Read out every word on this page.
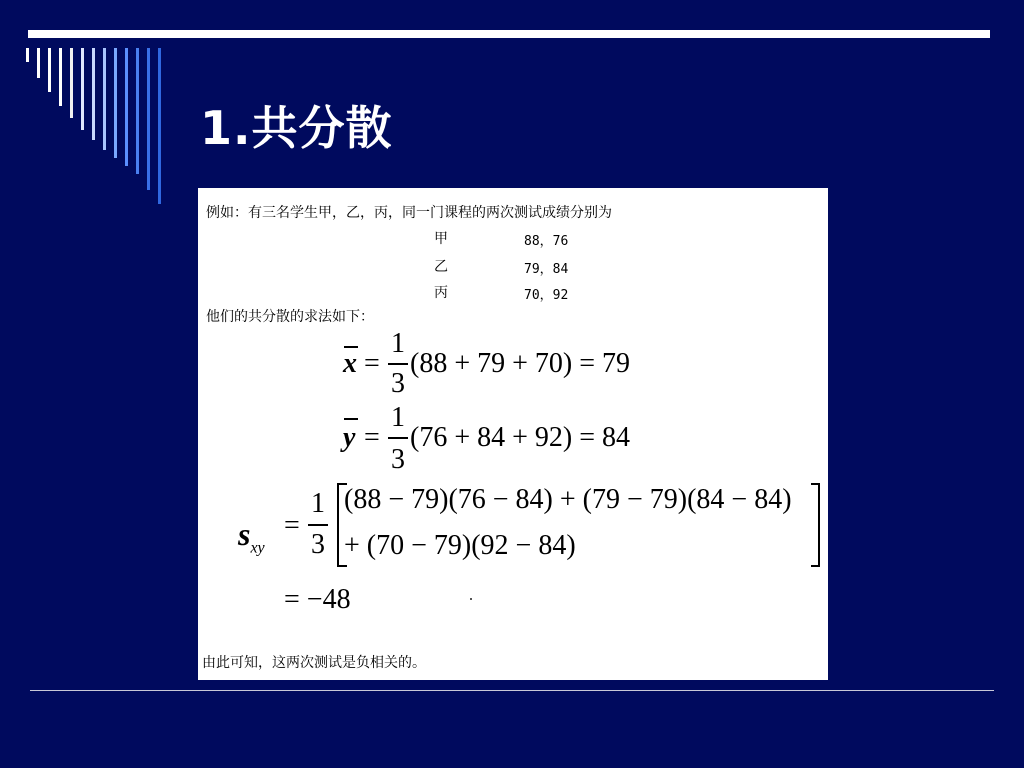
1.共分散
例如：有三名学生甲，乙，丙，同一门课程的两次测试成绩分别为
甲	88，76
乙	79，84
丙	70，92
他们的共分散的求法如下：
x =
1
3
(88 + 79 + 70) = 79
y =
1
3
(76 + 84 + 92) = 84
$s_{xy}$
=
1
3
(88 − 79)(76 − 84) + (79 − 79)(84 − 84)
+ (70 − 79)(92 − 84)
= −48
由此可知，这两次测试是负相关的。
